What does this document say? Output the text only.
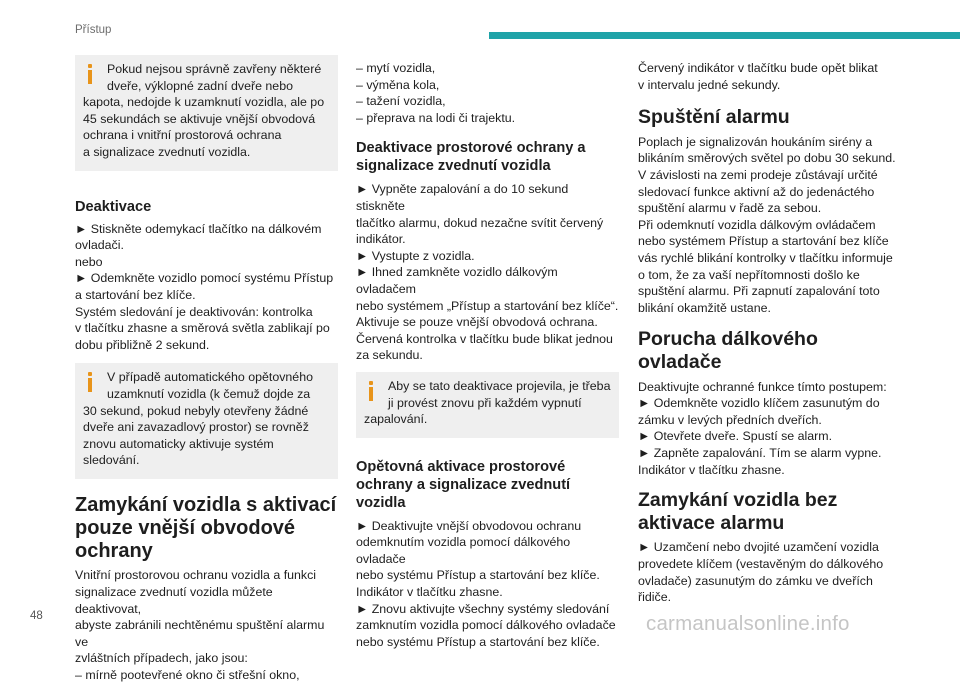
Přístup

Pokud nejsou správně zavřeny některé

dveře, výklopné zadní dveře nebo

kapota, nedojde k uzamknutí vozidla, ale po

45 sekundách se aktivuje vnější obvodová

ochrana i vnitřní prostorová ochrana

a signalizace zvednutí vozidla.

Deaktivace

► Stiskněte odemykací tlačítko na dálkovém

ovladači.

nebo

► Odemkněte vozidlo pomocí systému Přístup

a startování bez klíče.

Systém sledování je deaktivován: kontrolka

v tlačítku zhasne a směrová světla zablikají po

dobu přibližně 2 sekund.

V případě automatického opětovného

uzamknutí vozidla (k čemuž dojde za

30 sekund, pokud nebyly otevřeny žádné

dveře ani zavazadlový prostor) se rovněž

znovu automaticky aktivuje systém sledování.

Zamykání vozidla s aktivací
pouze vnější obvodové
ochrany

Vnitřní prostorovou ochranu vozidla a funkci

signalizace zvednutí vozidla můžete deaktivovat,

abyste zabránili nechtěnému spuštění alarmu ve

zvláštních případech, jako jsou:

– mírně pootevřené okno či střešní okno,

– mytí vozidla,

– výměna kola,

– tažení vozidla,

– přeprava na lodi či trajektu.

Deaktivace prostorové ochrany a
signalizace zvednutí vozidla

► Vypněte zapalování a do 10 sekund stiskněte

tlačítko alarmu, dokud nezačne svítit červený

indikátor.

► Vystupte z vozidla.

► Ihned zamkněte vozidlo dálkovým ovladačem

nebo systémem „Přístup a startování bez klíče“.

Aktivuje se pouze vnější obvodová ochrana.

Červená kontrolka v tlačítku bude blikat jednou

za sekundu.

Aby se tato deaktivace projevila, je třeba

ji provést znovu při každém vypnutí

zapalování.

Opětovná aktivace prostorové
ochrany a signalizace zvednutí
vozidla

► Deaktivujte vnější obvodovou ochranu

odemknutím vozidla pomocí dálkového ovladače

nebo systému Přístup a startování bez klíče.

Indikátor v tlačítku zhasne.

► Znovu aktivujte všechny systémy sledování

zamknutím vozidla pomocí dálkového ovladače

nebo systému Přístup a startování bez klíče.

Červený indikátor v tlačítku bude opět blikat

v intervalu jedné sekundy.

Spuštění alarmu

Poplach je signalizován houkáním sirény a

blikáním směrových světel po dobu 30 sekund.

V závislosti na zemi prodeje zůstávají určité

sledovací funkce aktivní až do jedenáctého

spuštění alarmu v řadě za sebou.

Při odemknutí vozidla dálkovým ovládačem

nebo systémem Přístup a startování bez klíče

vás rychlé blikání kontrolky v tlačítku informuje

o tom, že za vaší nepřítomnosti došlo ke

spuštění alarmu. Při zapnutí zapalování toto

blikání okamžitě ustane.

Porucha dálkového
ovladače

Deaktivujte ochranné funkce tímto postupem:

► Odemkněte vozidlo klíčem zasunutým do

zámku v levých předních dveřích.

► Otevřete dveře. Spustí se alarm.

► Zapněte zapalování. Tím se alarm vypne.

Indikátor v tlačítku zhasne.

Zamykání vozidla bez
aktivace alarmu

► Uzamčení nebo dvojité uzamčení vozidla

provedete klíčem (vestavěným do dálkového

ovladače) zasunutým do zámku ve dveřích

řidiče.

48	carmanualsonline.info
